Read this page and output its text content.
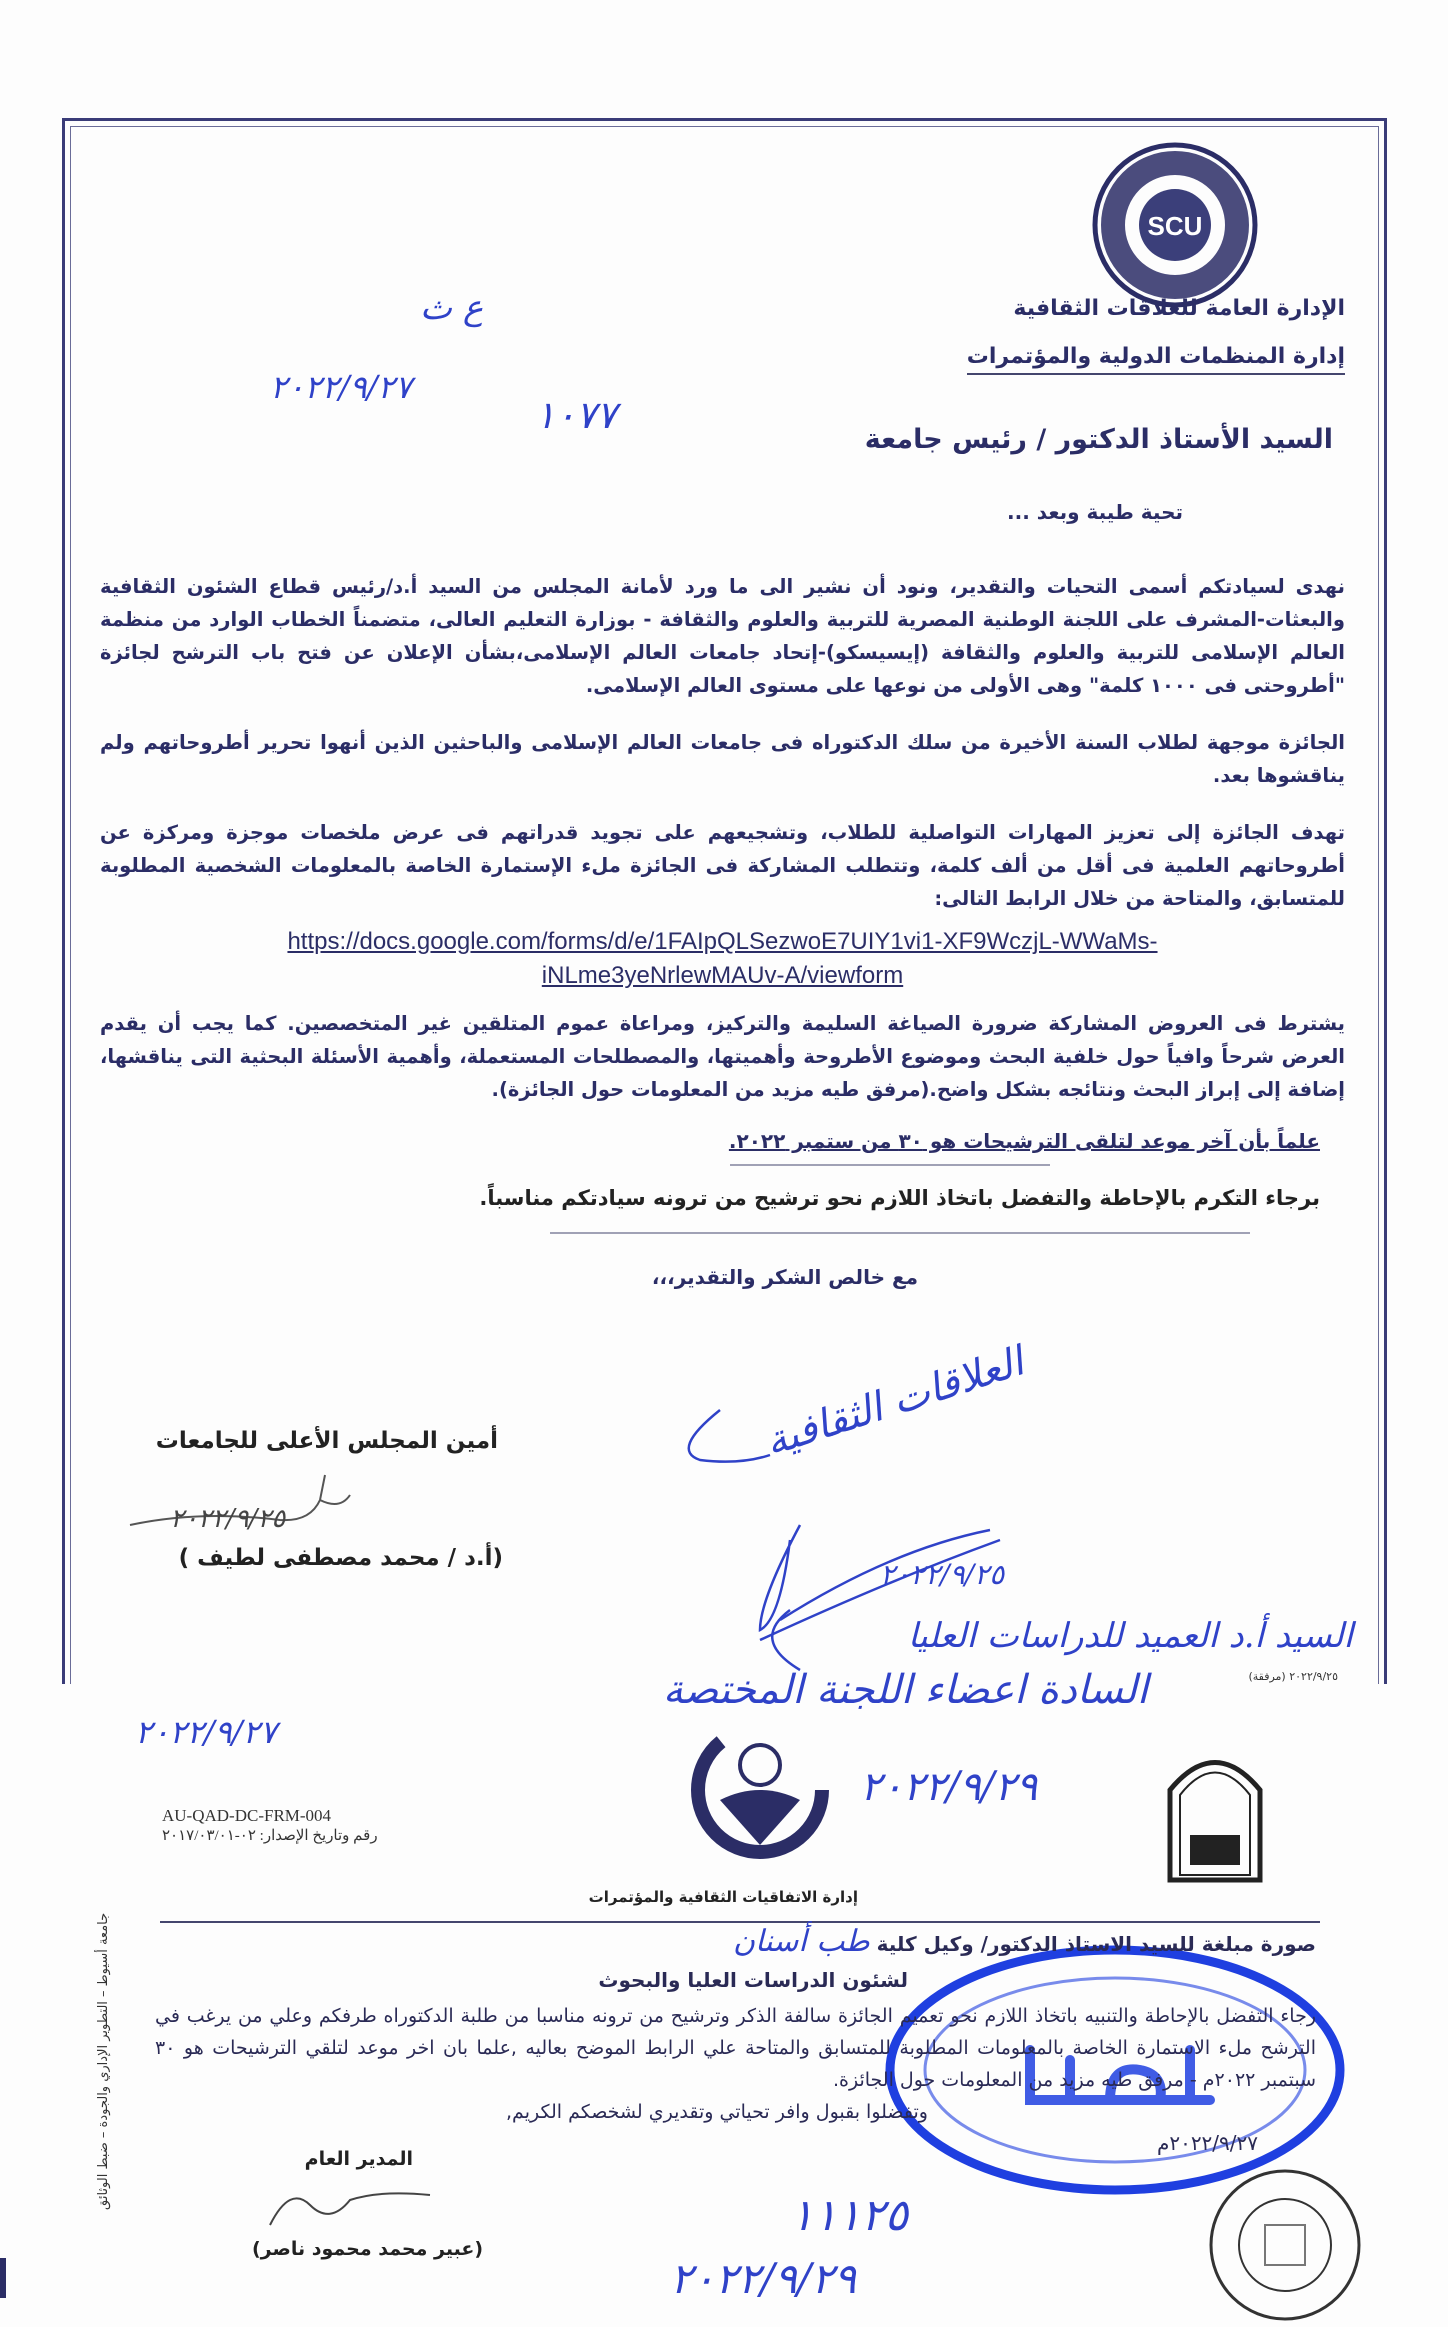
SCU
الإدارة العامة للعلاقات الثقافية
إدارة المنظمات الدولية والمؤتمرات
ع ث
٢٠٢٢/٩/٢٧
١٠٧٧
السيد الأستاذ الدكتور / رئيس جامعة
تحية طيبة وبعد ...
نهدى لسيادتكم أسمى التحيات والتقدير، ونود أن نشير الى ما ورد لأمانة المجلس من السيد أ.د/رئيس قطاع الشئون الثقافية والبعثات-المشرف على اللجنة الوطنية المصرية للتربية والعلوم والثقافة - بوزارة التعليم العالى، متضمناً الخطاب الوارد من منظمة العالم الإسلامى للتربية والعلوم والثقافة (إيسيسكو)-إتحاد جامعات العالم الإسلامى،بشأن الإعلان عن فتح باب الترشح لجائزة "أطروحتى فى ١٠٠٠ كلمة" وهى الأولى من نوعها على مستوى العالم الإسلامى.
الجائزة موجهة لطلاب السنة الأخيرة من سلك الدكتوراه فى جامعات العالم الإسلامى والباحثين الذين أنهوا تحرير أطروحاتهم ولم يناقشوها بعد.
تهدف الجائزة إلى تعزيز المهارات التواصلية للطلاب، وتشجيعهم على تجويد قدراتهم فى عرض ملخصات موجزة ومركزة عن أطروحاتهم العلمية فى أقل من ألف كلمة، وتتطلب المشاركة فى الجائزة ملء الإستمارة الخاصة بالمعلومات الشخصية المطلوبة للمتسابق، والمتاحة من خلال الرابط التالى:
https://docs.google.com/forms/d/e/1FAIpQLSezwoE7UIY1vi1-XF9WczjL-WWaMs-
iNLme3yeNrlewMAUv-A/viewform
يشترط فى العروض المشاركة ضرورة الصياغة السليمة والتركيز، ومراعاة عموم المتلقين غير المتخصصين. كما يجب أن يقدم العرض شرحاً وافياً حول خلفية البحث وموضوع الأطروحة وأهميتها، والمصطلحات المستعملة، وأهمية الأسئلة البحثية التى يناقشها، إضافة إلى إبراز البحث ونتائجه بشكل واضح.(مرفق طيه مزيد من المعلومات حول الجائزة).
علماً بأن آخر موعد لتلقى الترشيحات هو ٣٠ من ستمبر ٢٠٢٢.
برجاء التكرم بالإحاطة والتفضل باتخاذ اللازم نحو ترشيح من ترونه سيادتكم مناسباً.
مع خالص الشكر والتقدير،،،
أمين المجلس الأعلى للجامعات
٢٠٢٢/٩/٢٥
(أ.د / محمد مصطفى لطيف )
العلاقات الثقافية
٢٠٢٢/٩/٢٥
السيد أ.د العميد للدراسات العليا
٢٠٢٢/٩/٢٥ (مرفقة)
السادة اعضاء اللجنة المختصة
٢٠٢٢/٩/٢٧
٢٠٢٢/٩/٢٩
AU-QAD-DC-FRM-004
رقم وتاريخ الإصدار: ٠٢-٢٠١٧/٠٣/٠١
إدارة الاتفاقيات الثقافية والمؤتمرات
صورة مبلغة للسيد الاستاذ الدكتور/ وكيل كلية طب أسنان
لشئون الدراسات العليا والبحوث
رجاء التفضل بالإحاطة والتنبيه باتخاذ اللازم نحو تعميم الجائزة سالفة الذكر وترشيح من ترونه مناسبا من طلبة الدكتوراه طرفكم وعلي من يرغب في الترشح ملء الاستمارة الخاصة بالمعلومات المطلوبة للمتسابق والمتاحة علي الرابط الموضح بعاليه ,علما بان اخر موعد لتلقي الترشيحات هو ٣٠ سبتمبر ٢٠٢٢م - مرفق طيه مزيد من المعلومات حول الجائزة.
وتفضلوا بقبول وافر تحياتي وتقديري لشخصكم الكريم,
٢٠٢٢/٩/٢٧م
المدير العام
(عبير محمد محمود ناصر)
جامعة أسيوط – التطوير الإداري والجودة – ضبط الوثائق
١١١٢٥
٢٠٢٢/٩/٢٩
